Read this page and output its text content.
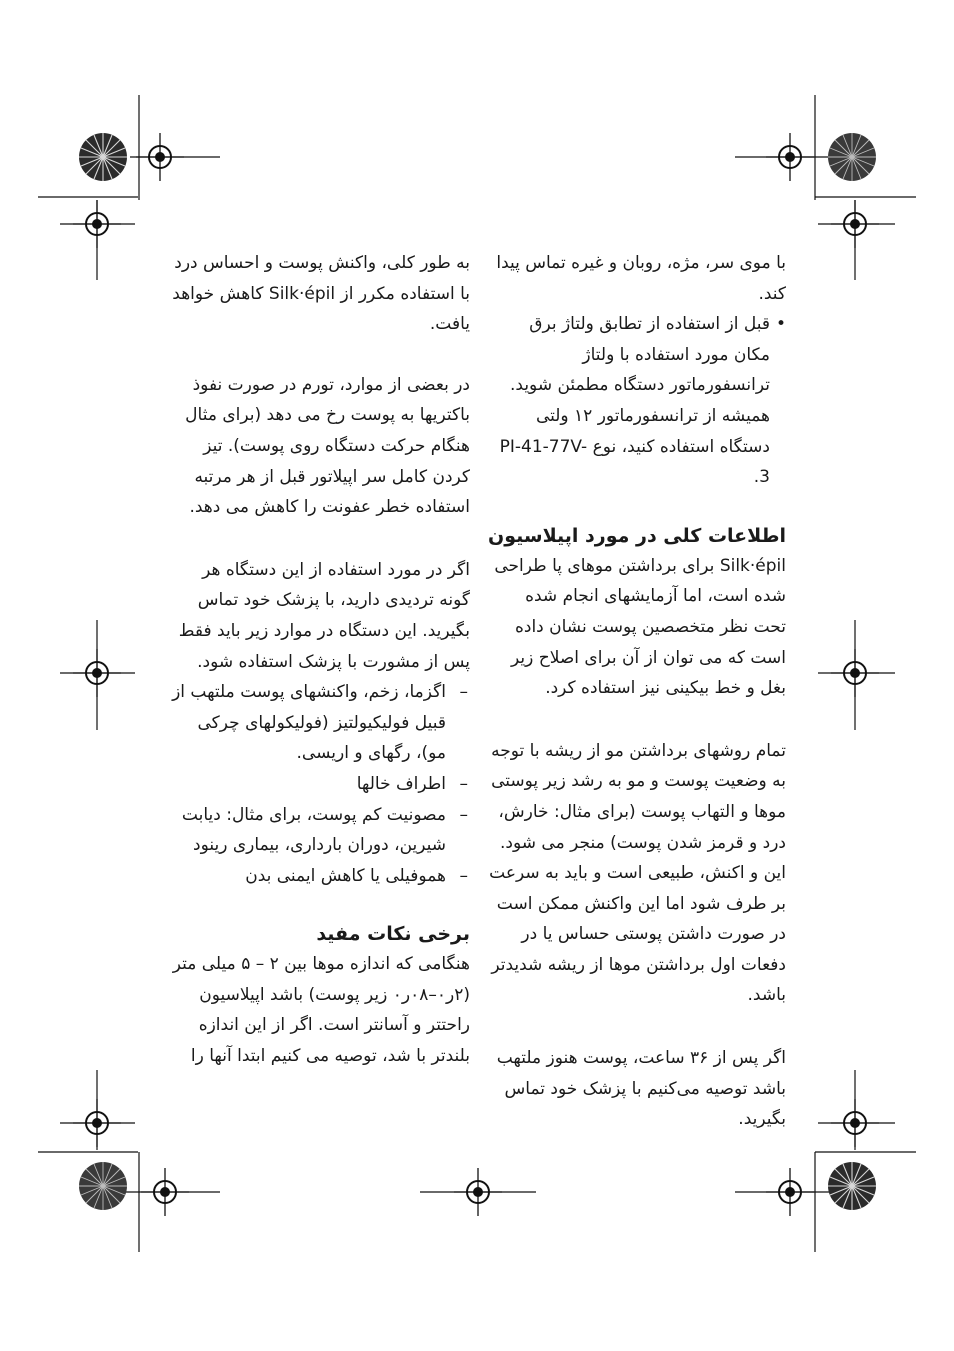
با موی سر، مژه، روبان و غیره تماس پیدا کند.

• قبل از استفاده از تطابق ولتاژ برق مکان مورد استفاده با ولتاژ ترانسفورماتور دستگاه مطمئن شوید. همیشه از ترانسفورماتور ۱۲ ولتی دستگاه استفاده کنید، نوع PI-41-77V-3.
اطلاعات کلی در مورد اپیلاسیون

Silk·épil برای برداشتن موهای پا طراحی شده است، اما آزمایشهای انجام شده تحت نظر متخصصین پوست نشان داده است که می توان از آن برای اصلاح زیر بغل و خط بیکینی نیز استفاده کرد.

تمام روشهای برداشتن مو از ریشه با توجه به وضعیت پوست و مو به رشد زیر پوستی موها و التهاب پوست (برای مثال: خارش، درد و قرمز شدن پوست) منجر می شود. این و اکنش، طبیعی است و باید به سرعت بر طرف شود اما این واکنش ممکن است در صورت داشتن پوستی حساس یا در دفعات اول برداشتن موها از ریشه شدیدتر باشد.

اگر پس از ۳۶ ساعت، پوست هنوز ملتهب باشد توصیه می‌کنیم با پزشک خود تماس بگیرید.

به طور کلی، واکنش پوست و احساس درد با استفاده مکرر از Silk·épil کاهش خواهد یافت.

در بعضی از موارد، تورم در صورت نفوذ باکتریها به پوست رخ می دهد (برای مثال هنگام حرکت دستگاه روی پوست). تیز کردن کامل سر اپیلاتور قبل از هر مرتبه استفاده خطر عفونت را کاهش می دهد.

اگر در مورد استفاده از این دستگاه هر گونه تردیدی دارید، با پزشک خود تماس بگیرید. این دستگاه در موارد زیر باید فقط پس از مشورت با پزشک استفاده شود.

– اگزما، زخم، واکنشهای پوست ملتهب از قبیل فولیکیولتیز (فولیکولهای چرکی مو)، رگهای و اریسی.
– اطراف خالها
– مصونیت کم پوست، برای مثال: دیابت شیرین، دوران بارداری، بیماری رینود
– هموفیلی یا کاهش ایمنی بدن
برخی نکات مفید

هنگامی که اندازه موها بین ۲ – ۵ میلی متر (۲ر۰–۰۸ر۰ زیر پوست) باشد اپیلاسیون راحتتر و آسانتر است. اگر از این اندازه بلندتر با شد، توصیه می کنیم ابتدا آنها را
